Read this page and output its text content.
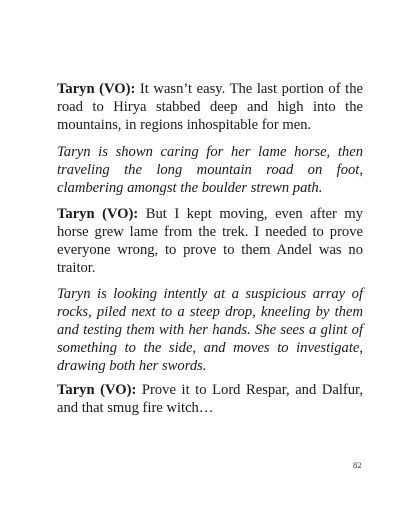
Taryn (VO): It wasn’t easy. The last portion of the road to Hirya stabbed deep and high into the mountains, in regions inhospitable for men.

Taryn is shown caring for her lame horse, then traveling the long mountain road on foot, clambering amongst the boulder strewn path.

Taryn (VO): But I kept moving, even after my horse grew lame from the trek. I needed to prove everyone wrong, to prove to them Andel was no traitor.

Taryn is looking intently at a suspicious array of rocks, piled next to a steep drop, kneeling by them and testing them with her hands. She sees a glint of something to the side, and moves to investigate, drawing both her swords.

Taryn (VO): Prove it to Lord Respar, and Dalfur, and that smug fire witch…

82
